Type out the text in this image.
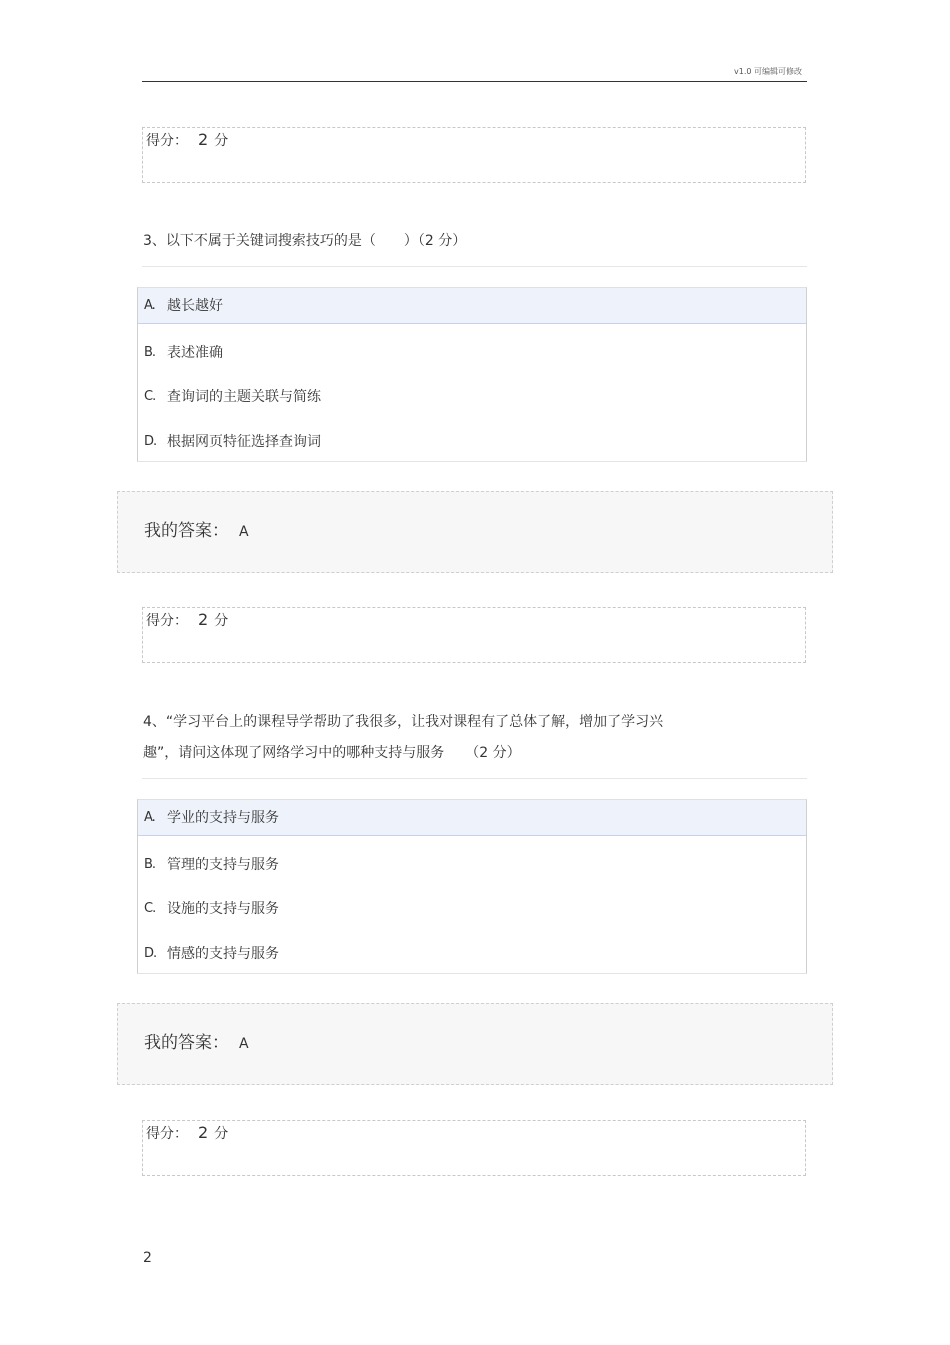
v1.0 可编辑可修改
得分： 2 分
3、以下不属于关键词搜索技巧的是（　　）（2 分）
A. 越长越好
B. 表述准确
C. 查询词的主题关联与简练
D. 根据网页特征选择查询词
我的答案： A
得分： 2 分
4、“学习平台上的课程导学帮助了我很多，让我对课程有了总体了解，增加了学习兴
趣”，请问这体现了网络学习中的哪种支持与服务　　（2 分）
A. 学业的支持与服务
B. 管理的支持与服务
C. 设施的支持与服务
D. 情感的支持与服务
我的答案： A
得分： 2 分
2
